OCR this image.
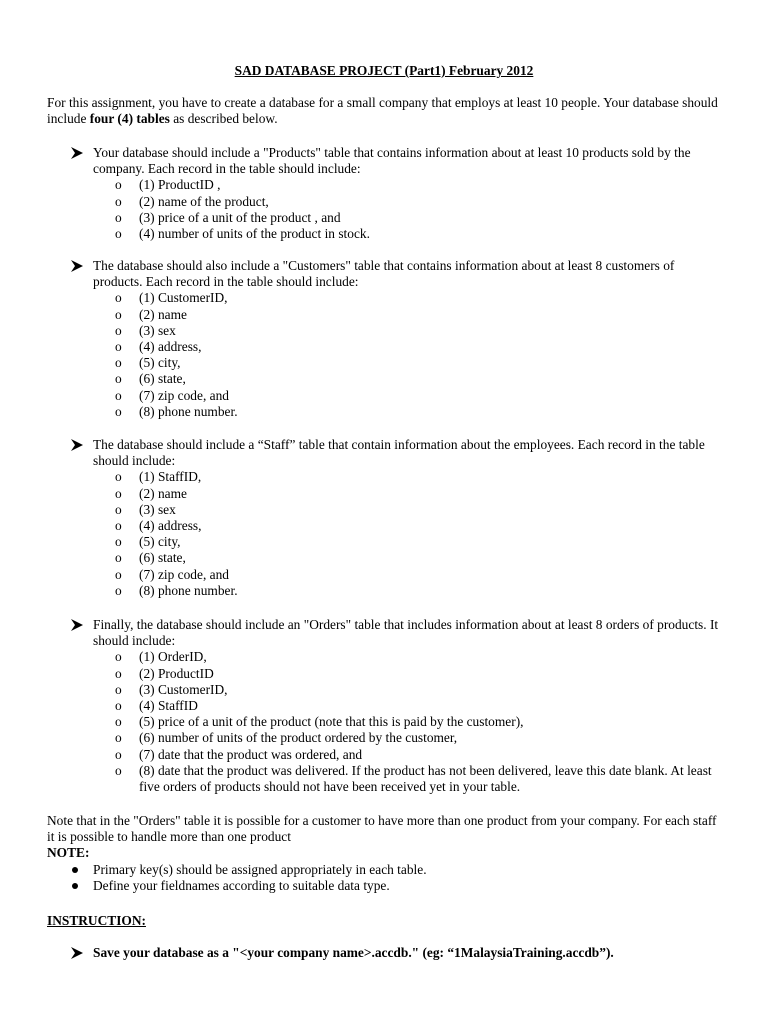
SAD DATABASE PROJECT (Part1) February 2012
For this assignment, you have to create a database for a small company that employs at least 10 people. Your database should include four (4) tables as described below.
Your database should include a "Products" table that contains information about at least 10 products sold by the company. Each record in the table should include:
o (1) ProductID ,
o (2) name of the product,
o (3) price of a unit of the product , and
o (4) number of units of the product in stock.
The database should also include a "Customers" table that contains information about at least 8 customers of products. Each record in the table should include:
o (1) CustomerID,
o (2) name
o (3) sex
o (4) address,
o (5) city,
o (6) state,
o (7) zip code, and
o (8) phone number.
The database should include a “Staff” table that contain information about the employees. Each record in the table should include:
o (1) StaffID,
o (2) name
o (3) sex
o (4) address,
o (5) city,
o (6) state,
o (7) zip code, and
o (8) phone number.
Finally, the database should include an "Orders" table that includes information about at least 8 orders of products. It should include:
o (1) OrderID,
o (2) ProductID
o (3) CustomerID,
o (4) StaffID
o (5) price of a unit of the product (note that this is paid by the customer),
o (6) number of units of the product ordered by the customer,
o (7) date that the product was ordered, and
o (8) date that the product was delivered. If the product has not been delivered, leave this date blank. At least five orders of products should not have been received yet in your table.
Note that in the "Orders" table it is possible for a customer to have more than one product from your company. For each staff it is possible to handle more than one product
NOTE:
Primary key(s) should be assigned appropriately in each table.
Define your fieldnames according to suitable data type.
INSTRUCTION:
Save your database as a "<your company name>.accdb." (eg: “1MalaysiaTraining.accdb”).
